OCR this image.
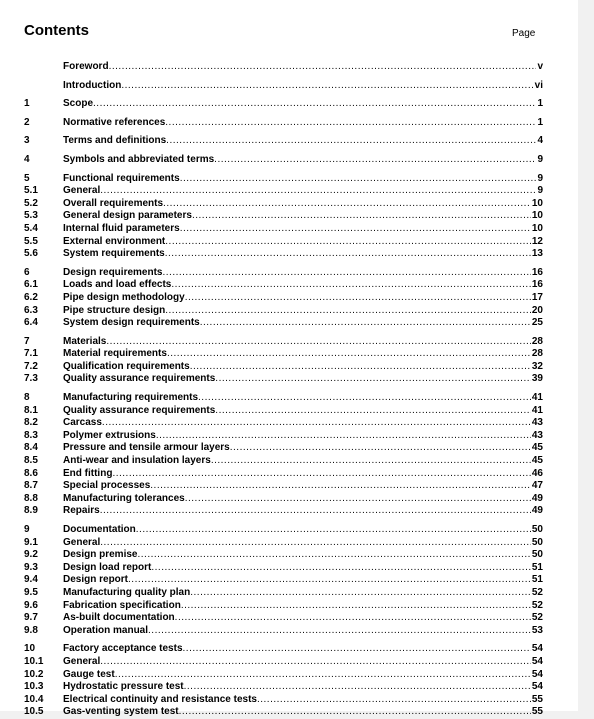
Contents	Page
Foreword .....	v
Introduction .....	vi
1	Scope .....	1
2	Normative references .....	1
3	Terms and definitions .....	4
4	Symbols and abbreviated terms .....	9
5	Functional requirements .....	9
5.1	General .....	9
5.2	Overall requirements .....	10
5.3	General design parameters .....	10
5.4	Internal fluid parameters .....	10
5.5	External environment .....	12
5.6	System requirements .....	13
6	Design requirements .....	16
6.1	Loads and load effects .....	16
6.2	Pipe design methodology .....	17
6.3	Pipe structure design .....	20
6.4	System design requirements .....	25
7	Materials .....	28
7.1	Material requirements .....	28
7.2	Qualification requirements .....	32
7.3	Quality assurance requirements .....	39
8	Manufacturing requirements .....	41
8.1	Quality assurance requirements .....	41
8.2	Carcass .....	43
8.3	Polymer extrusions .....	43
8.4	Pressure and tensile armour layers .....	45
8.5	Anti-wear and insulation layers .....	45
8.6	End fitting .....	46
8.7	Special processes .....	47
8.8	Manufacturing tolerances .....	49
8.9	Repairs .....	49
9	Documentation .....	50
9.1	General .....	50
9.2	Design premise .....	50
9.3	Design load report .....	51
9.4	Design report .....	51
9.5	Manufacturing quality plan .....	52
9.6	Fabrication specification .....	52
9.7	As-built documentation .....	52
9.8	Operation manual .....	53
10	Factory acceptance tests .....	54
10.1	General .....	54
10.2	Gauge test .....	54
10.3	Hydrostatic pressure test .....	54
10.4	Electrical continuity and resistance tests .....	55
10.5	Gas-venting system test .....	55
